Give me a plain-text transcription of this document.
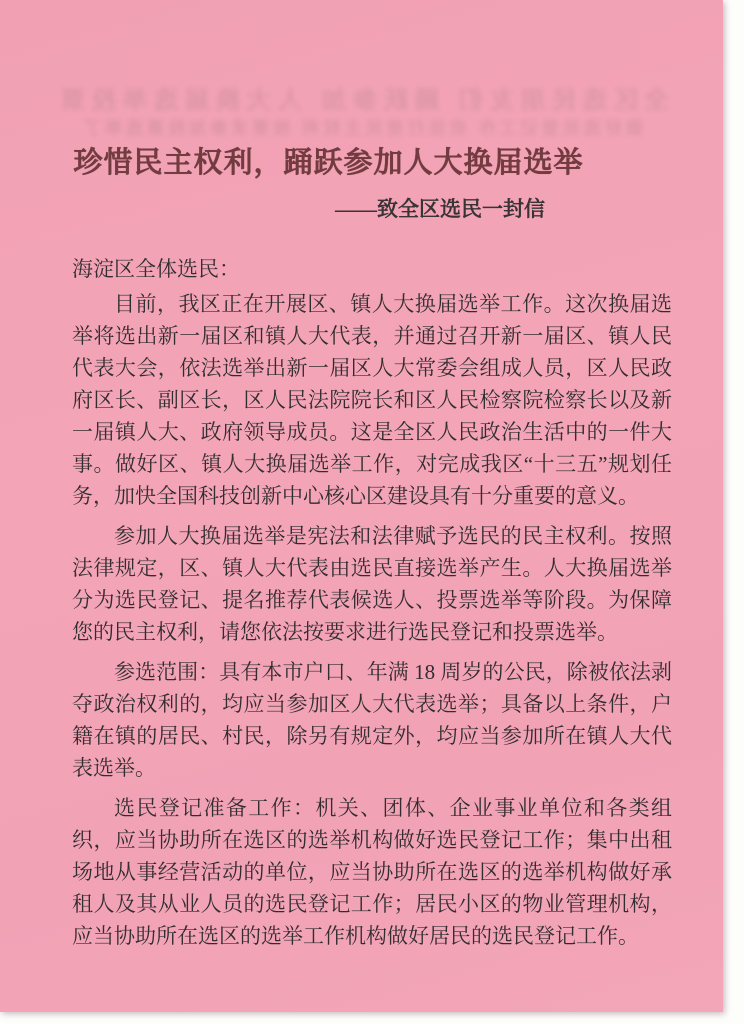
全区选民朋友们 踊跃参加 人大换届选举投票
做好选民登记工作 依法行使民主权利 按要求参加投票选举了
珍惜民主权利，踊跃参加人大换届选举
——致全区选民一封信

海淀区全体选民：

目前，我区正在开展区、镇人大换届选举工作。这次换届选举将选出新一届区和镇人大代表，并通过召开新一届区、镇人民代表大会，依法选举出新一届区人大常委会组成人员，区人民政府区长、副区长，区人民法院院长和区人民检察院检察长以及新一届镇人大、政府领导成员。这是全区人民政治生活中的一件大事。做好区、镇人大换届选举工作，对完成我区“十三五”规划任务，加快全国科技创新中心核心区建设具有十分重要的意义。

参加人大换届选举是宪法和法律赋予选民的民主权利。按照法律规定，区、镇人大代表由选民直接选举产生。人大换届选举分为选民登记、提名推荐代表候选人、投票选举等阶段。为保障您的民主权利，请您依法按要求进行选民登记和投票选举。

参选范围：具有本市户口、年满 18 周岁的公民，除被依法剥夺政治权利的，均应当参加区人大代表选举；具备以上条件，户籍在镇的居民、村民，除另有规定外，均应当参加所在镇人大代表选举。

选民登记准备工作：机关、团体、企业事业单位和各类组织，应当协助所在选区的选举机构做好选民登记工作；集中出租场地从事经营活动的单位，应当协助所在选区的选举机构做好承租人及其从业人员的选民登记工作；居民小区的物业管理机构，应当协助所在选区的选举工作机构做好居民的选民登记工作。
